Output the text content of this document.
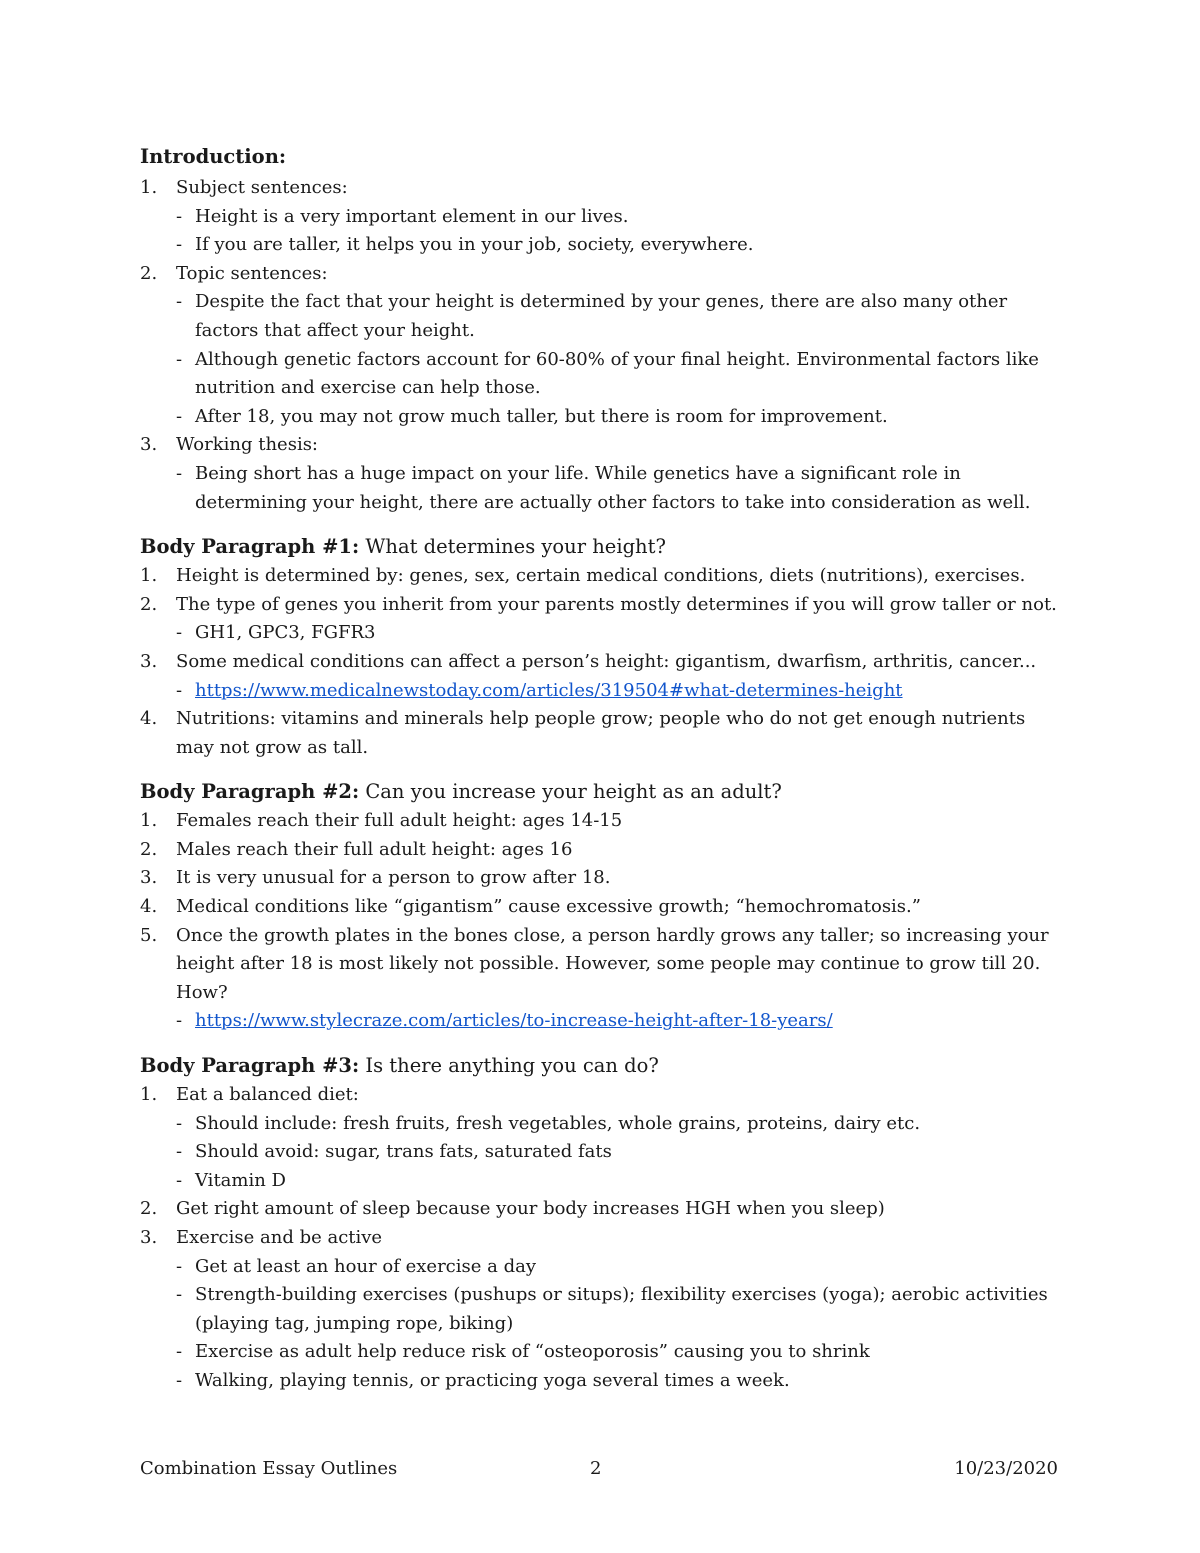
Introduction:
1.	Subject sentences:
- Height is a very important element in our lives.
- If you are taller, it helps you in your job, society, everywhere.
2.	Topic sentences:
- Despite the fact that your height is determined by your genes, there are also many other factors that affect your height.
- Although genetic factors account for 60-80% of your final height. Environmental factors like nutrition and exercise can help those.
- After 18, you may not grow much taller, but there is room for improvement.
3.	Working thesis:
- Being short has a huge impact on your life. While genetics have a significant role in determining your height, there are actually other factors to take into consideration as well.
Body Paragraph #1: What determines your height?
1.	Height is determined by: genes, sex, certain medical conditions, diets (nutritions), exercises.
2.	The type of genes you inherit from your parents mostly determines if you will grow taller or not.
- GH1, GPC3, FGFR3
3.	Some medical conditions can affect a person’s height: gigantism, dwarfism, arthritis, cancer...
- https://www.medicalnewstoday.com/articles/319504#what-determines-height
4.	Nutritions: vitamins and minerals help people grow; people who do not get enough nutrients may not grow as tall.
Body Paragraph #2: Can you increase your height as an adult?
1.	Females reach their full adult height: ages 14-15
2.	Males reach their full adult height: ages 16
3.	It is very unusual for a person to grow after 18.
4.	Medical conditions like “gigantism” cause excessive growth; “hemochromatosis.”
5.	Once the growth plates in the bones close, a person hardly grows any taller; so increasing your height after 18 is most likely not possible. However, some people may continue to grow till 20. How?
- https://www.stylecraze.com/articles/to-increase-height-after-18-years/
Body Paragraph #3: Is there anything you can do?
1.	Eat a balanced diet:
- Should include: fresh fruits, fresh vegetables, whole grains, proteins, dairy etc.
- Should avoid: sugar, trans fats, saturated fats
- Vitamin D
2.	Get right amount of sleep because your body increases HGH when you sleep)
3.	Exercise and be active
- Get at least an hour of exercise a day
- Strength-building exercises (pushups or situps); flexibility exercises (yoga); aerobic activities (playing tag, jumping rope, biking)
- Exercise as adult help reduce risk of “osteoporosis” causing you to shrink
- Walking, playing tennis, or practicing yoga several times a week.
Combination Essay Outlines	2	10/23/2020
